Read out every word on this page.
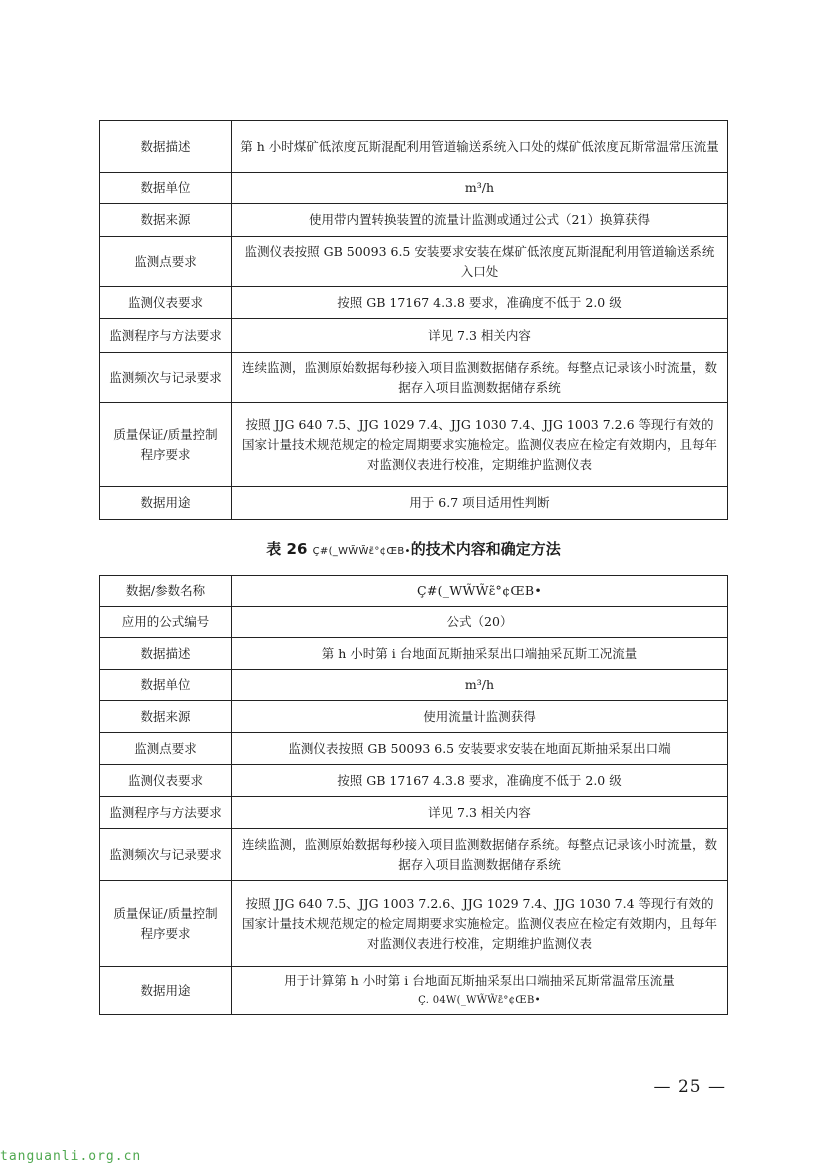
数据描述	第 h 小时煤矿低浓度瓦斯混配利用管道输送系统入口处的煤矿低浓度瓦斯常温常压流量
数据单位	m³/h
数据来源	使用带内置转换装置的流量计监测或通过公式（21）换算获得
监测点要求	监测仪表按照 GB 50093 6.5 安装要求安装在煤矿低浓度瓦斯混配利用管道输送系统入口处
监测仪表要求	按照 GB 17167 4.3.8 要求，准确度不低于 2.0 级
监测程序与方法要求	详见 7.3 相关内容
监测频次与记录要求	连续监测，监测原始数据每秒接入项目监测数据储存系统。每整点记录该小时流量，数据存入项目监测数据储存系统
质量保证/质量控制程序要求	按照 JJG 640 7.5、JJG 1029 7.4、JJG 1030 7.4、JJG 1003 7.2.6 等现行有效的国家计量技术规范规定的检定周期要求实施检定。监测仪表应在检定有效期内，且每年对监测仪表进行校准，定期维护监测仪表
数据用途	用于 6.7 项目适用性判断
表 26 Ç#(_WW̃W̃ɛ̃°¢ŒB•的技术内容和确定方法
数据/参数名称	Ç#(_WW̃W̃ɛ̃°¢ŒB•
应用的公式编号	公式（20）
数据描述	第 h 小时第 i 台地面瓦斯抽采泵出口端抽采瓦斯工况流量
数据单位	m³/h
数据来源	使用流量计监测获得
监测点要求	监测仪表按照 GB 50093 6.5 安装要求安装在地面瓦斯抽采泵出口端
监测仪表要求	按照 GB 17167 4.3.8 要求，准确度不低于 2.0 级
监测程序与方法要求	详见 7.3 相关内容
监测频次与记录要求	连续监测，监测原始数据每秒接入项目监测数据储存系统。每整点记录该小时流量，数据存入项目监测数据储存系统
质量保证/质量控制程序要求	按照 JJG 640 7.5、JJG 1003 7.2.6、JJG 1029 7.4、JJG 1030 7.4 等现行有效的国家计量技术规范规定的检定周期要求实施检定。监测仪表应在检定有效期内，且每年对监测仪表进行校准，定期维护监测仪表
数据用途	用于计算第 h 小时第 i 台地面瓦斯抽采泵出口端抽采瓦斯常温常压流量
Ç. 04W(_WW̃W̃ɛ̃°¢ŒB•
— 25 —
tanguanli.org.cn
